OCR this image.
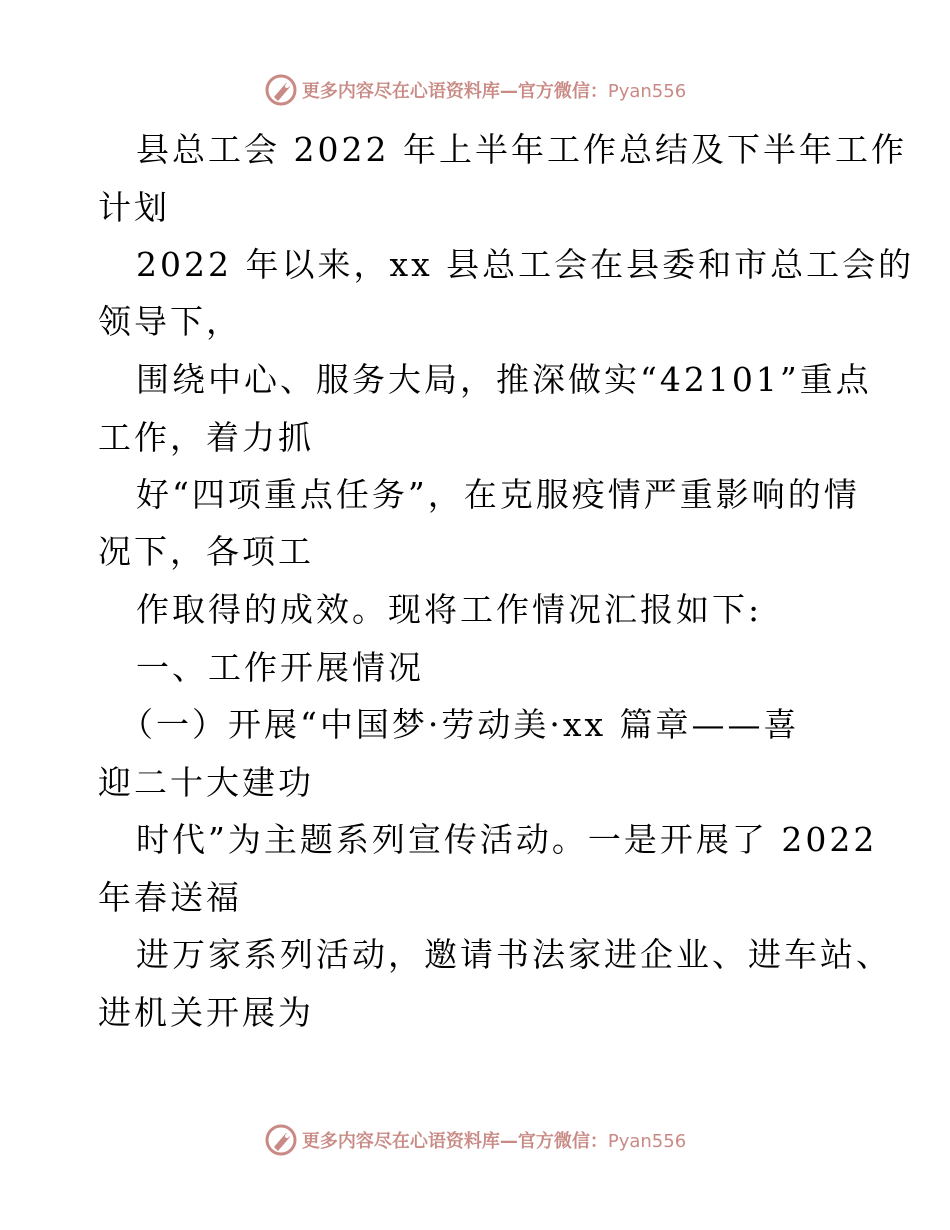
更多内容尽在心语资料库—官方微信：Pyan556
县总工会 2022 年上半年工作总结及下半年工作
计划
2022 年以来，xx 县总工会在县委和市总工会的
领导下，
围绕中心、服务大局，推深做实“42101”重点
工作，着力抓
好“四项重点任务”，在克服疫情严重影响的情
况下，各项工
作取得的成效。现将工作情况汇报如下:
一、工作开展情况
（一）开展“中国梦·劳动美·xx 篇章——喜
迎二十大建功
时代”为主题系列宣传活动。一是开展了 2022
年春送福
进万家系列活动，邀请书法家进企业、进车站、
进机关开展为
更多内容尽在心语资料库—官方微信：Pyan556
